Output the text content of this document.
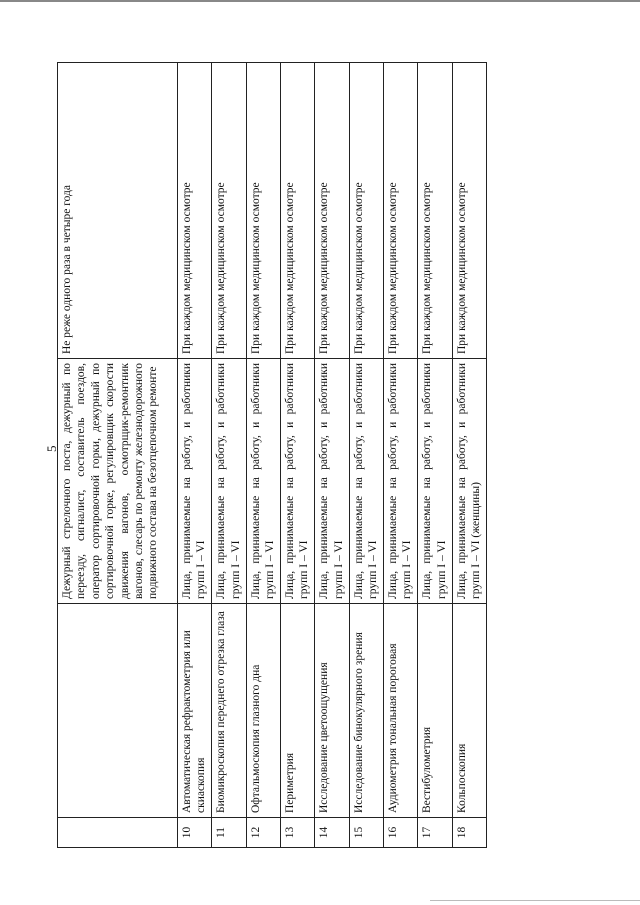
5
		Дежурный стрелочного поста, дежурный по переезду, сигналист, составитель поездов, оператор сортировочной горки, дежурный по сортировочной горке, регулировщик скорости движения вагонов, осмотрщик-ремонтник вагонов, слесарь по ремонту железнодорожного подвижного состава на безотцепочном ремонте	Не реже одного раза в четыре года
10	Автоматическая рефрактометрия или скиаскопия	Лица, принимаемые на работу, и работники групп I – VI	При каждом медицинском осмотре
11	Биомикроскопия переднего отрезка глаза	Лица, принимаемые на работу, и работники групп I – VI	При каждом медицинском осмотре
12	Офтальмоскопия глазного дна	Лица, принимаемые на работу, и работники групп I – VI	При каждом медицинском осмотре
13	Периметрия	Лица, принимаемые на работу, и работники групп I – VI	При каждом медицинском осмотре
14	Исследование цветоощущения	Лица, принимаемые на работу, и работники групп I – VI	При каждом медицинском осмотре
15	Исследование бинокулярного зрения	Лица, принимаемые на работу, и работники групп I – VI	При каждом медицинском осмотре
16	Аудиометрия тональная пороговая	Лица, принимаемые на работу, и работники групп I – VI	При каждом медицинском осмотре
17	Вестибулометрия	Лица, принимаемые на работу, и работники групп I – VI	При каждом медицинском осмотре
18	Кольпоскопия	Лица, принимаемые на работу, и работники групп I – VI (женщины)	При каждом медицинском осмотре
